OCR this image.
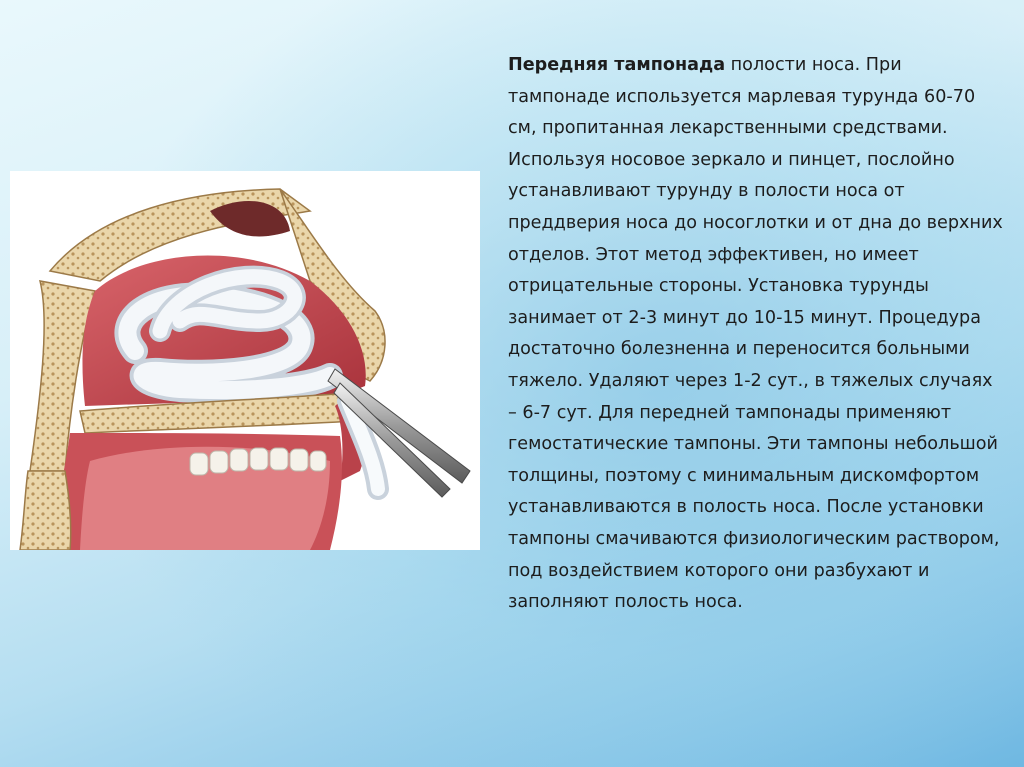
Передняя тампонада полости носа. При тампонаде используется марлевая турунда 60-70 см, пропитанная лекарственными средствами. Используя носовое зеркало и пинцет, послойно устанавливают турунду в полости носа от преддверия носа до носоглотки и от дна до верхних отделов. Этот метод эффективен, но имеет отрицательные стороны. Установка турунды занимает от 2-3 минут до 10-15 минут. Процедура достаточно болезненна и переносится больными тяжело. Удаляют через 1-2 сут., в тяжелых случаях – 6-7 сут. Для передней тампонады применяют гемостатические тампоны. Эти тампоны небольшой толщины, поэтому с минимальным дискомфортом устанавливаются в полость носа. После установки тампоны смачиваются физиологическим раствором, под воздействием которого они разбухают и заполняют полость носа.
